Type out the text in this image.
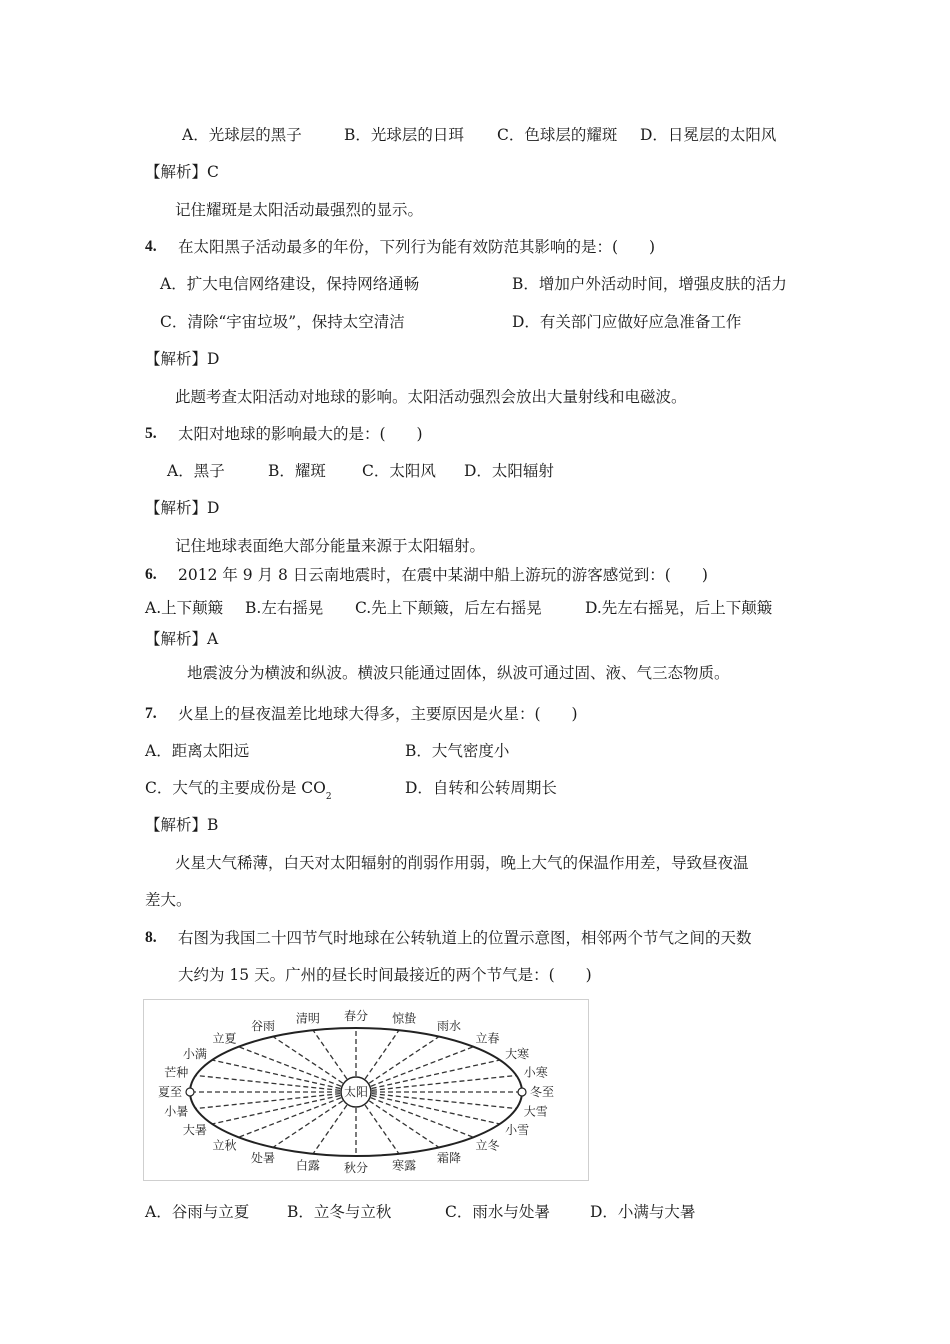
A．光球层的黑子	B．光球层的日珥 C．色球层的耀斑 D．日冕层的太阳风
【解析】C
记住耀斑是太阳活动最强烈的显示。
4. 在太阳黑子活动最多的年份，下列行为能有效防范其影响的是：(　　)
A．扩大电信网络建设，保持网络通畅	B．增加户外活动时间，增强皮肤的活力
C．清除“宇宙垃圾”，保持太空清洁	D．有关部门应做好应急准备工作
【解析】D
此题考查太阳活动对地球的影响。太阳活动强烈会放出大量射线和电磁波。
5. 太阳对地球的影响最大的是：(　　)
A．黑子	B．耀斑 C．太阳风 D．太阳辐射
【解析】D
记住地球表面绝大部分能量来源于太阳辐射。
6. 2012 年 9 月 8 日云南地震时，在震中某湖中船上游玩的游客感觉到：(　　)
A.上下颠簸 B.左右摇晃 C.先上下颠簸，后左右摇晃	D.先左右摇晃，后上下颠簸
【解析】A
地震波分为横波和纵波。横波只能通过固体，纵波可通过固、液、气三态物质。
7. 火星上的昼夜温差比地球大得多，主要原因是火星：(　　)
A．距离太阳远	B．大气密度小
C．大气的主要成份是 $CO_2$	D．自转和公转周期长
【解析】B
火星大气稀薄，白天对太阳辐射的削弱作用弱，晚上大气的保温作用差，导致昼夜温
差大。
8. 右图为我国二十四节气时地球在公转轨道上的位置示意图，相邻两个节气之间的天数
大约为 15 天。广州的昼长时间最接近的两个节气是：(　　)
太阳
夏至
芒种
小满
立夏
谷雨
清明 春分 惊蛰
雨水
立春
大寒
小寒
冬至
大雪
小雪
立冬
霜降
寒露
秋分
白露
处暑
立秋
大暑
小暑
A．谷雨与立夏 B．立冬与立秋	C．雨水与处暑	D．小满与大暑
